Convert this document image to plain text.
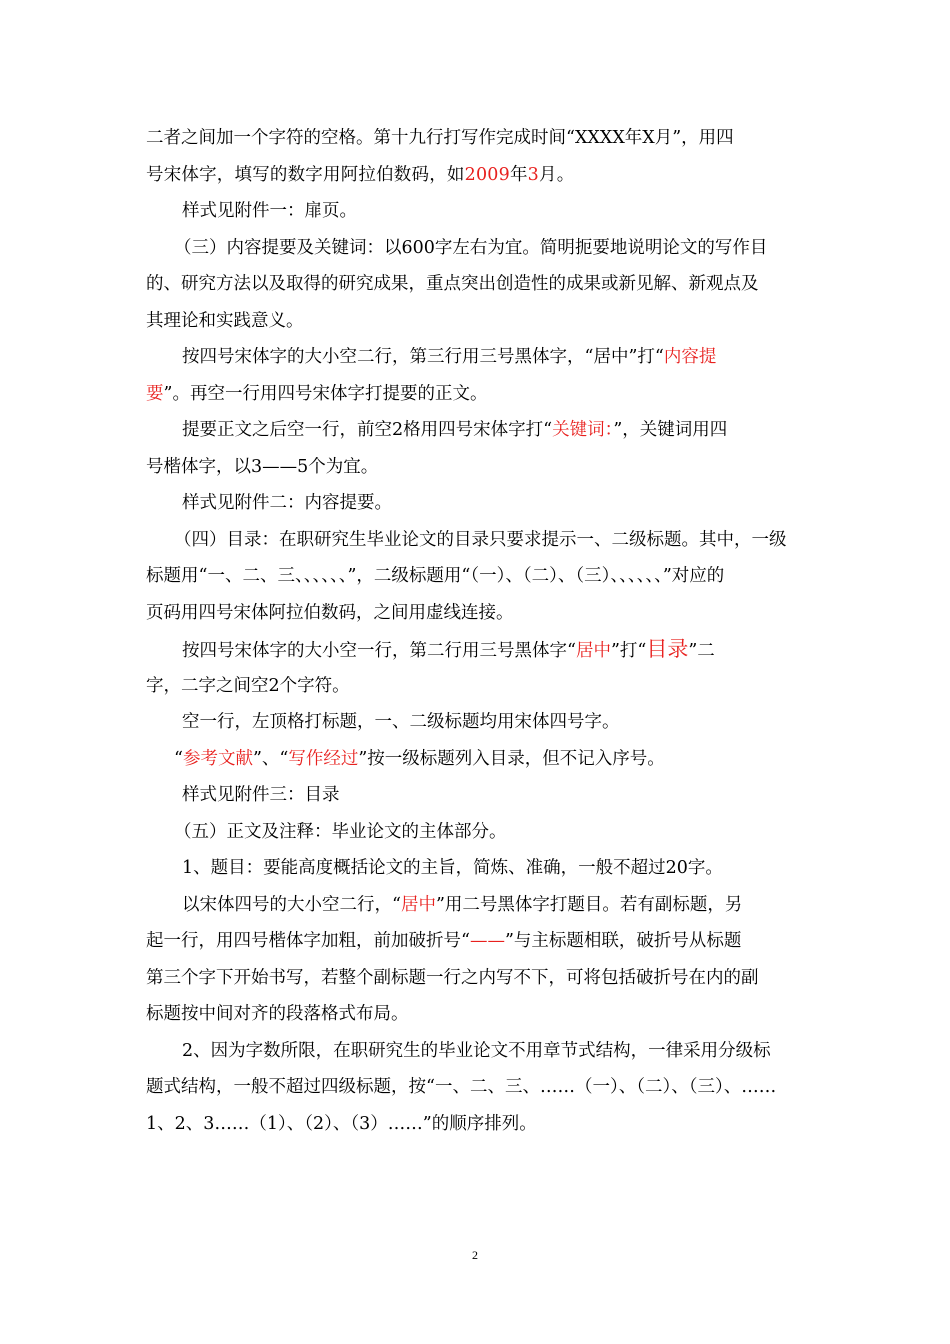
二者之间加一个字符的空格。第十九行打写作完成时间“XXXX年X月”，用四
号宋体字，填写的数字用阿拉伯数码，如2009年3月。
样式见附件一：扉页。
（三）内容提要及关键词：以600字左右为宜。简明扼要地说明论文的写作目
的、研究方法以及取得的研究成果，重点突出创造性的成果或新见解、新观点及
其理论和实践意义。
按四号宋体字的大小空二行，第三行用三号黑体字，“居中”打“内容提
要”。再空一行用四号宋体字打提要的正文。
提要正文之后空一行，前空2格用四号宋体字打“关键词：”，关键词用四
号楷体字，以3——5个为宜。
样式见附件二：内容提要。
（四）目录：在职研究生毕业论文的目录只要求提示一、二级标题。其中，一级
标题用“一、二、三、、、、、、”，二级标题用“（一）、（二）、（三）、、、、、、”对应的
页码用四号宋体阿拉伯数码，之间用虚线连接。
按四号宋体字的大小空一行，第二行用三号黑体字“居中”打“目录”二
字，二字之间空2个字符。
空一行，左顶格打标题，一、二级标题均用宋体四号字。
“参考文献”、“写作经过”按一级标题列入目录，但不记入序号。
样式见附件三：目录
（五）正文及注释：毕业论文的主体部分。
1、题目：要能高度概括论文的主旨，简炼、准确，一般不超过20字。
以宋体四号的大小空二行，“居中”用二号黑体字打题目。若有副标题，另
起一行，用四号楷体字加粗，前加破折号“——”与主标题相联，破折号从标题
第三个字下开始书写，若整个副标题一行之内写不下，可将包括破折号在内的副
标题按中间对齐的段落格式布局。
2、因为字数所限，在职研究生的毕业论文不用章节式结构，一律采用分级标
题式结构，一般不超过四级标题，按“一、二、三、……（一）、（二）、（三）、……
1、2、3……（1）、（2）、（3）……”的顺序排列。
2
